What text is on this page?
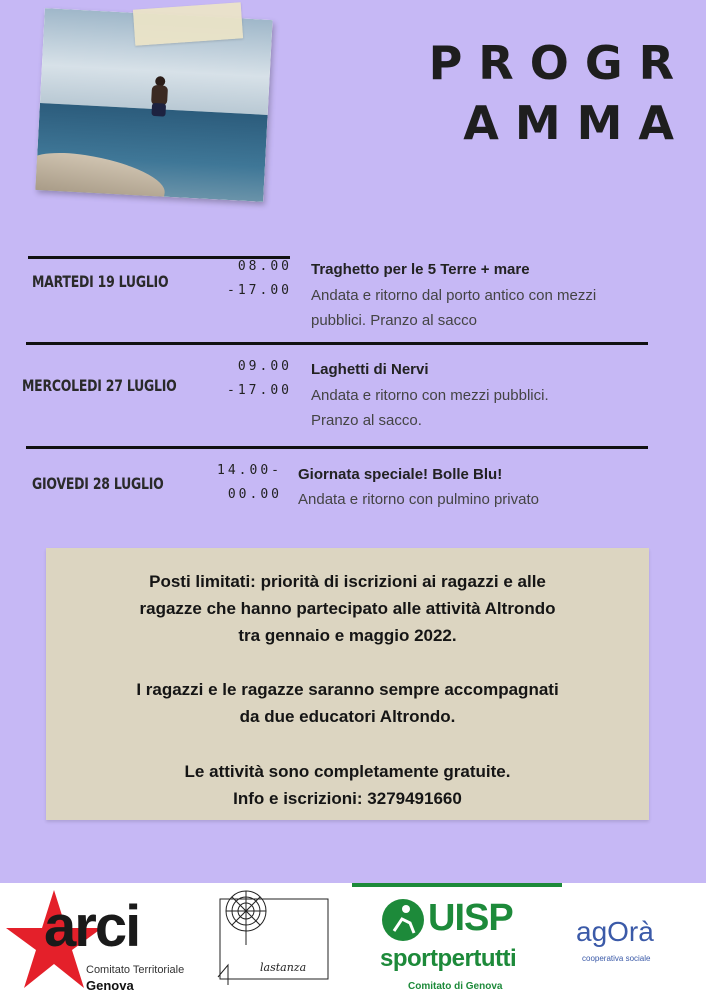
PROGR
AMMA
MARTEDI 19 LUGLIO
08.00
-17.00
Traghetto per le 5 Terre + mare
Andata e ritorno dal porto antico con mezzi
pubblici. Pranzo al sacco
MERCOLEDI 27 LUGLIO
09.00
-17.00
Laghetti di Nervi
Andata e ritorno con mezzi pubblici.
Pranzo al sacco.
GIOVEDI 28 LUGLIO
14.00-
00.00
Giornata speciale! Bolle Blu!
Andata e ritorno con pulmino privato

Posti limitati: priorità di iscrizioni ai ragazzi e alle
ragazze che hanno partecipato alle attività Altrondo
tra gennaio e maggio 2022.

I ragazzi e le ragazze saranno sempre accompagnati
da due educatori Altrondo.

Le attività sono completamente gratuite.
Info e iscrizioni: 3279491660

arci
Comitato Territoriale
Genova
lastanza
UISP
sportpertutti
Comitato di Genova
agOrà
cooperativa sociale
